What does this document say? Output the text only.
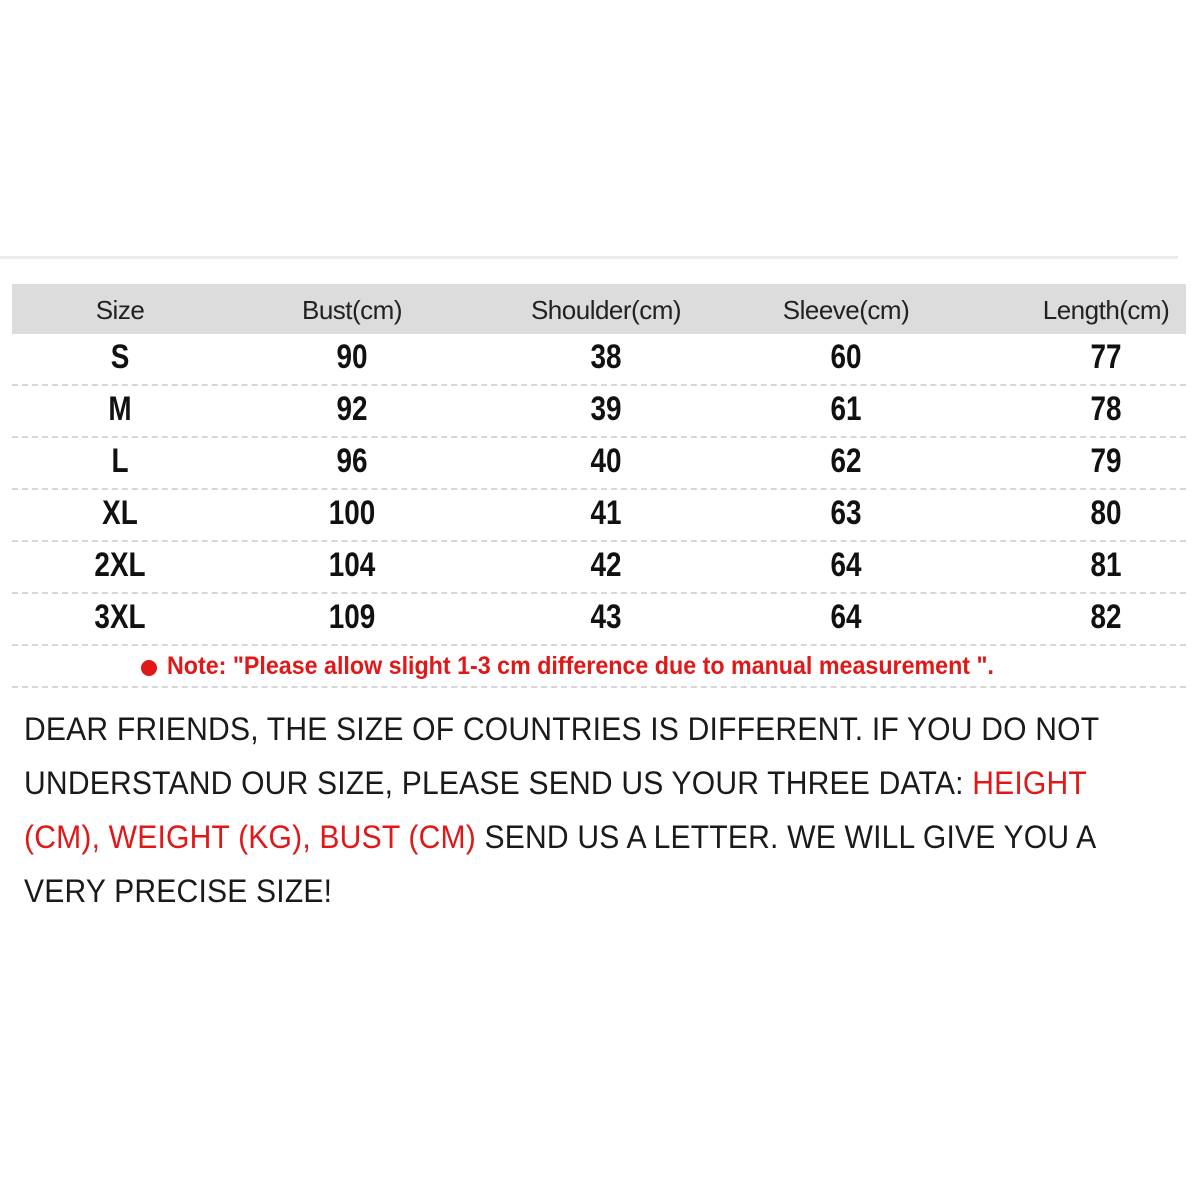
Size	Bust(cm)	Shoulder(cm)	Sleeve(cm)	Length(cm)
S	90	38	60	77
M	92	39	61	78
L	96	40	62	79
XL	100	41	63	80
2XL	104	42	64	81
3XL	109	43	64	82
Note: "Please allow slight 1-3 cm difference due to manual measurement ".
DEAR FRIENDS, THE SIZE OF COUNTRIES IS DIFFERENT. IF YOU DO NOT UNDERSTAND OUR SIZE, PLEASE SEND US YOUR THREE DATA: HEIGHT (CM), WEIGHT (KG), BUST (CM) SEND US A LETTER. WE WILL GIVE YOU A VERY PRECISE SIZE!
